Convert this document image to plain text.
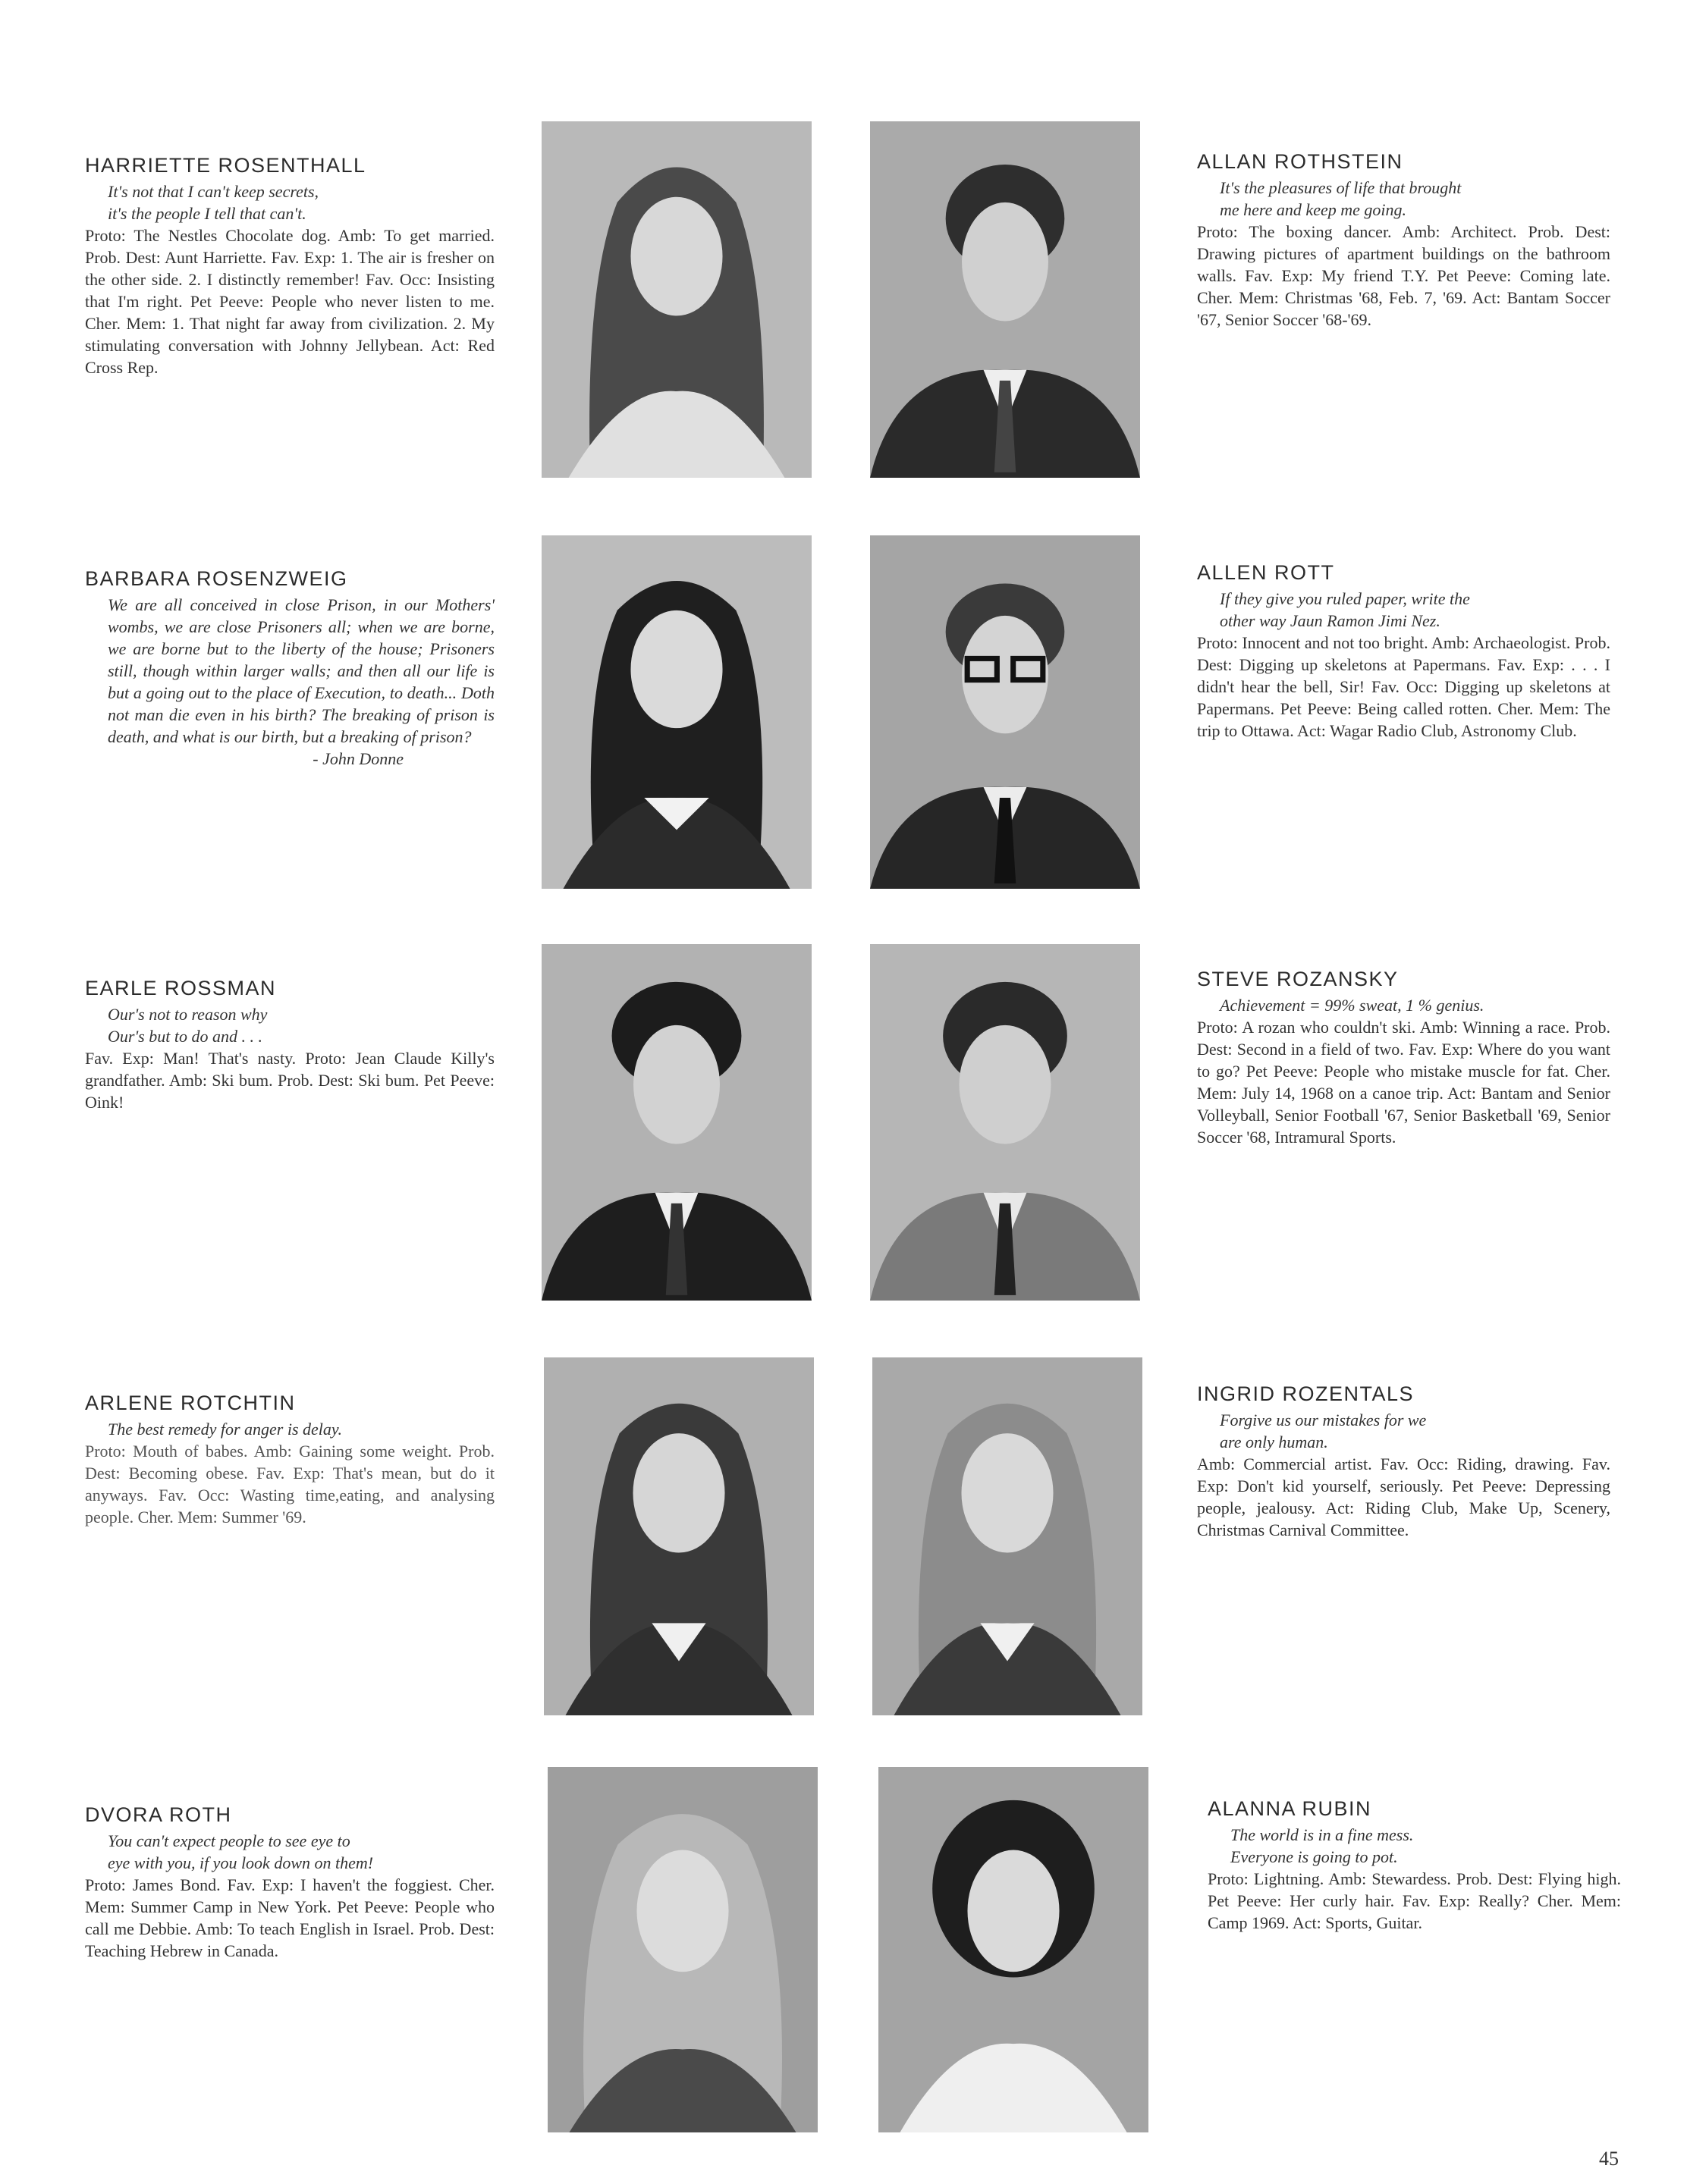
HARRIETTE ROSENTHALL
It's not that I can't keep secrets,
it's the people I tell that can't.
Proto: The Nestles Chocolate dog. Amb: To get married. Prob. Dest: Aunt Harriette. Fav. Exp: 1. The air is fresher on the other side. 2. I distinctly remember! Fav. Occ: Insisting that I'm right. Pet Peeve: People who never listen to me. Cher. Mem: 1. That night far away from civilization. 2. My stimulating conversation with Johnny Jellybean. Act: Red Cross Rep.
ALLAN ROTHSTEIN
It's the pleasures of life that brought
me here and keep me going.
Proto: The boxing dancer. Amb: Architect. Prob. Dest: Drawing pictures of apartment buildings on the bathroom walls. Fav. Exp: My friend T.Y. Pet Peeve: Coming late. Cher. Mem: Christmas '68, Feb. 7, '69. Act: Bantam Soccer '67, Senior Soccer '68-'69.
BARBARA ROSENZWEIG
We are all conceived in close Prison, in our Mothers' wombs, we are close Prisoners all; when we are borne, we are borne but to the liberty of the house; Prisoners still, though within larger walls; and then all our life is but a going out to the place of Execution, to death... Doth not man die even in his birth? The breaking of prison is death, and what is our birth, but a breaking of prison?
- John Donne
ALLEN ROTT
If they give you ruled paper, write the
other way Jaun Ramon Jimi Nez.
Proto: Innocent and not too bright. Amb: Archaeologist. Prob. Dest: Digging up skeletons at Papermans. Fav. Exp: . . . I didn't hear the bell, Sir! Fav. Occ: Digging up skeletons at Papermans. Pet Peeve: Being called rotten. Cher. Mem: The trip to Ottawa. Act: Wagar Radio Club, Astronomy Club.
EARLE ROSSMAN
Our's not to reason why
Our's but to do and . . .
Fav. Exp: Man! That's nasty. Proto: Jean Claude Killy's grandfather. Amb: Ski bum. Prob. Dest: Ski bum. Pet Peeve: Oink!
STEVE ROZANSKY
Achievement = 99% sweat, 1 % genius.
Proto: A rozan who couldn't ski. Amb: Winning a race. Prob. Dest: Second in a field of two. Fav. Exp: Where do you want to go? Pet Peeve: People who mistake muscle for fat. Cher. Mem: July 14, 1968 on a canoe trip. Act: Bantam and Senior Volleyball, Senior Football '67, Senior Basketball '69, Senior Soccer '68, Intramural Sports.
ARLENE ROTCHTIN
The best remedy for anger is delay.
Proto: Mouth of babes. Amb: Gaining some weight. Prob. Dest: Becoming obese. Fav. Exp: That's mean, but do it anyways. Fav. Occ: Wasting time,eating, and analysing people. Cher. Mem: Summer '69.
INGRID ROZENTALS
Forgive us our mistakes for we
are only human.
Amb: Commercial artist. Fav. Occ: Riding, drawing. Fav. Exp: Don't kid yourself, seriously. Pet Peeve: Depressing people, jealousy. Act: Riding Club, Make Up, Scenery, Christmas Carnival Committee.
DVORA ROTH
You can't expect people to see eye to
eye with you, if you look down on them!
Proto: James Bond. Fav. Exp: I haven't the foggiest. Cher. Mem: Summer Camp in New York. Pet Peeve: People who call me Debbie. Amb: To teach English in Israel. Prob. Dest: Teaching Hebrew in Canada.
ALANNA RUBIN
The world is in a fine mess.
Everyone is going to pot.
Proto: Lightning. Amb: Stewardess. Prob. Dest: Flying high. Pet Peeve: Her curly hair. Fav. Exp: Really? Cher. Mem: Camp 1969. Act: Sports, Guitar.
45
